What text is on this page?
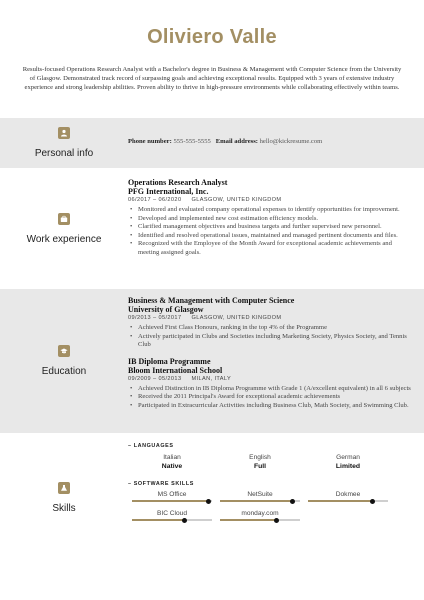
Oliviero Valle
Results-focused Operations Research Analyst with a Bachelor's degree in Business & Management with Computer Science from the University of Glasgow. Demonstrated track record of surpassing goals and achieving exceptional results. Equipped with 3 years of extensive industry experience and strong leadership abilities. Proven ability to thrive in high-pressure environments while collaborating effectively within teams.
Personal info
Phone number: 555-555-5555 Email address: hello@kickresume.com
Work experience
Operations Research Analyst
PFG International, Inc.
06/2017 – 06/2020 GLASGOW, UNITED KINGDOM
• Monitored and evaluated company operational expenses to identify opportunities for improvement.
• Developed and implemented new cost estimation efficiency models.
• Clarified management objectives and business targets and further supervised new personnel.
• Identified and resolved operational issues, maintained and managed pertinent documents and files.
• Recognized with the Employee of the Month Award for exceptional academic achievements and meeting assigned goals.
Education
Business & Management with Computer Science
University of Glasgow
09/2013 – 05/2017 GLASGOW, UNITED KINGDOM
• Achieved First Class Honours, ranking in the top 4% of the Programme
• Actively participated in Clubs and Societies including Marketing Society, Physics Society, and Tennis Club
IB Diploma Programme
Bloom International School
09/2009 – 05/2013 MILAN, ITALY
• Achieved Distinction in IB Diploma Programme with Grade 1 (A/excellent equivalent) in all 6 subjects
• Received the 2011 Principal's Award for exceptional academic achievements
• Participated in Extracurricular Activities including Business Club, Math Society, and Swimming Club.
Skills
– LANGUAGES
Italian
Native
English
Full
German
Limited
– SOFTWARE SKILLS
MS Office	NetSuite	Dokmee
BIC Cloud	monday.com
